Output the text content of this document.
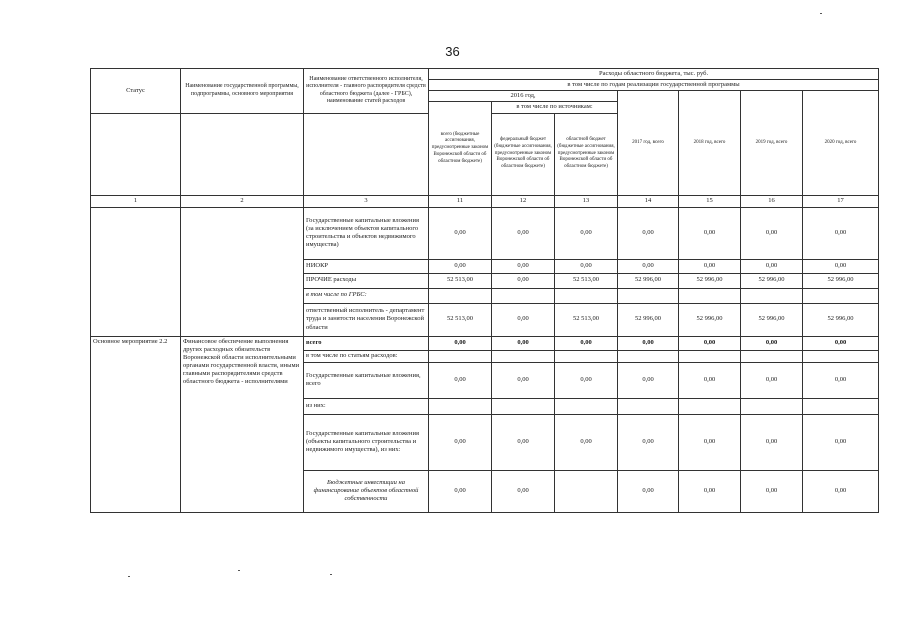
36
Статус	Наименование государственной программы, подпрограммы, основного мероприятия	Наименование ответственного исполнителя, исполнителя - главного распорядителя средств областного бюджета (далее - ГРБС), наименование статей расходов	Расходы областного бюджета, тыс. руб.						
			в том числе по годам реализации государственной программы						
			2016 год,			2017 год, всего	2018 год, всего	2019 год, всего	2020 год, всего
			всего (бюджетные ассигнования, предусмотренные законом Воронежской области об областном бюджете)	в том числе по источникам:					
				федеральный бюджет (бюджетные ассигнования, предусмотренные законом Воронежской области об областном бюджете)	областной бюджет (бюджетные ассигнования, предусмотренные законом Воронежской области об областном бюджете)				
1	2	3	11	12	13	14	15	16	17
		Государственные капитальные вложения (за исключением объектов капитального строительства и объектов недвижимого имущества)	0,00	0,00	0,00	0,00	0,00	0,00	0,00
		НИОКР	0,00	0,00	0,00	0,00	0,00	0,00	0,00
		ПРОЧИЕ расходы	52 513,00	0,00	52 513,00	52 996,00	52 996,00	52 996,00	52 996,00
		в том числе по ГРБС:							
		ответственный исполнитель - департамент труда и занятости населения Воронежской области	52 513,00	0,00	52 513,00	52 996,00	52 996,00	52 996,00	52 996,00
Основное мероприятие 2.2	Финансовое обеспечение выполнения других расходных обязательств Воронежской области исполнительными органами государственной власти, иными главными распорядителями средств областного бюджета - исполнителями	всего	0,00	0,00	0,00	0,00	0,00	0,00	0,00
		в том числе по статьям расходов:							
		Государственные капитальные вложения, всего	0,00	0,00	0,00	0,00	0,00	0,00	0,00
		из них:							
		Государственные капитальные вложения (объекты капитального строительства и недвижимого имущества), из них:	0,00	0,00	0,00	0,00	0,00	0,00	0,00
		Бюджетные инвестиции на финансирование объектов областной собственности	0,00	0,00		0,00	0,00	0,00	0,00
